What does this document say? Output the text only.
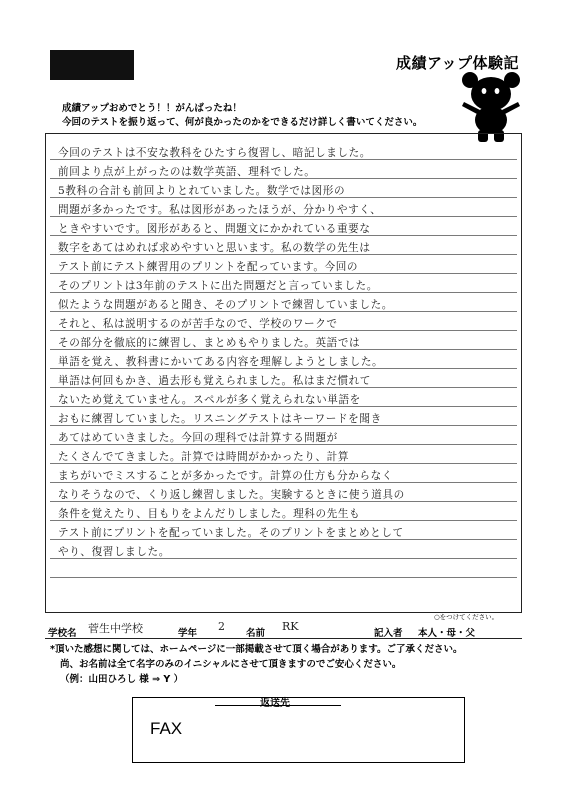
成績アップ体験記
成績アップおめでとう！！がんばったね！
今回のテストを振り返って、何が良かったのかをできるだけ詳しく書いてください。
今回のテストは不安な教科をひたすら復習し、暗記しました。
前回より点が上がったのは数学英語、理科でした。
5教科の合計も前回よりとれていました。数学では図形の
問題が多かったです。私は図形があったほうが、分かりやすく、
ときやすいです。図形があると、問題文にかかれている重要な
数字をあてはめれば求めやすいと思います。私の数学の先生は
テスト前にテスト練習用のプリントを配っています。今回の
そのプリントは3年前のテストに出た問題だと言っていました。
似たような問題があると聞き、そのプリントで練習していました。
それと、私は説明するのが苦手なので、学校のワークで
その部分を徹底的に練習し、まとめもやりました。英語では
単語を覚え、教科書にかいてある内容を理解しようとしました。
単語は何回もかき、過去形も覚えられました。私はまだ慣れて
ないため覚えていません。スペルが多く覚えられない単語を
おもに練習していました。リスニングテストはキーワードを聞き
あてはめていきました。今回の理科では計算する問題が
たくさんでてきました。計算では時間がかかったり、計算
まちがいでミスすることが多かったです。計算の仕方も分からなく
なりそうなので、くり返し練習しました。実験するときに使う道具の
条件を覚えたり、目もりをよんだりしました。理科の先生も
テスト前にプリントを配っていました。そのプリントをまとめとして
やり、復習しました。
○をつけてください。
学校名 菅生中学校	学年
2
名前
RK
記入者 本人・母・父
*頂いた感想に関しては、ホームページに一部掲載させて頂く場合があります。ご了承ください。
尚、お名前は全て名字のみのイニシャルにさせて頂きますのでご安心ください。
（例：山田ひろし 様 ⇒ Y ）
返送先
FAX
